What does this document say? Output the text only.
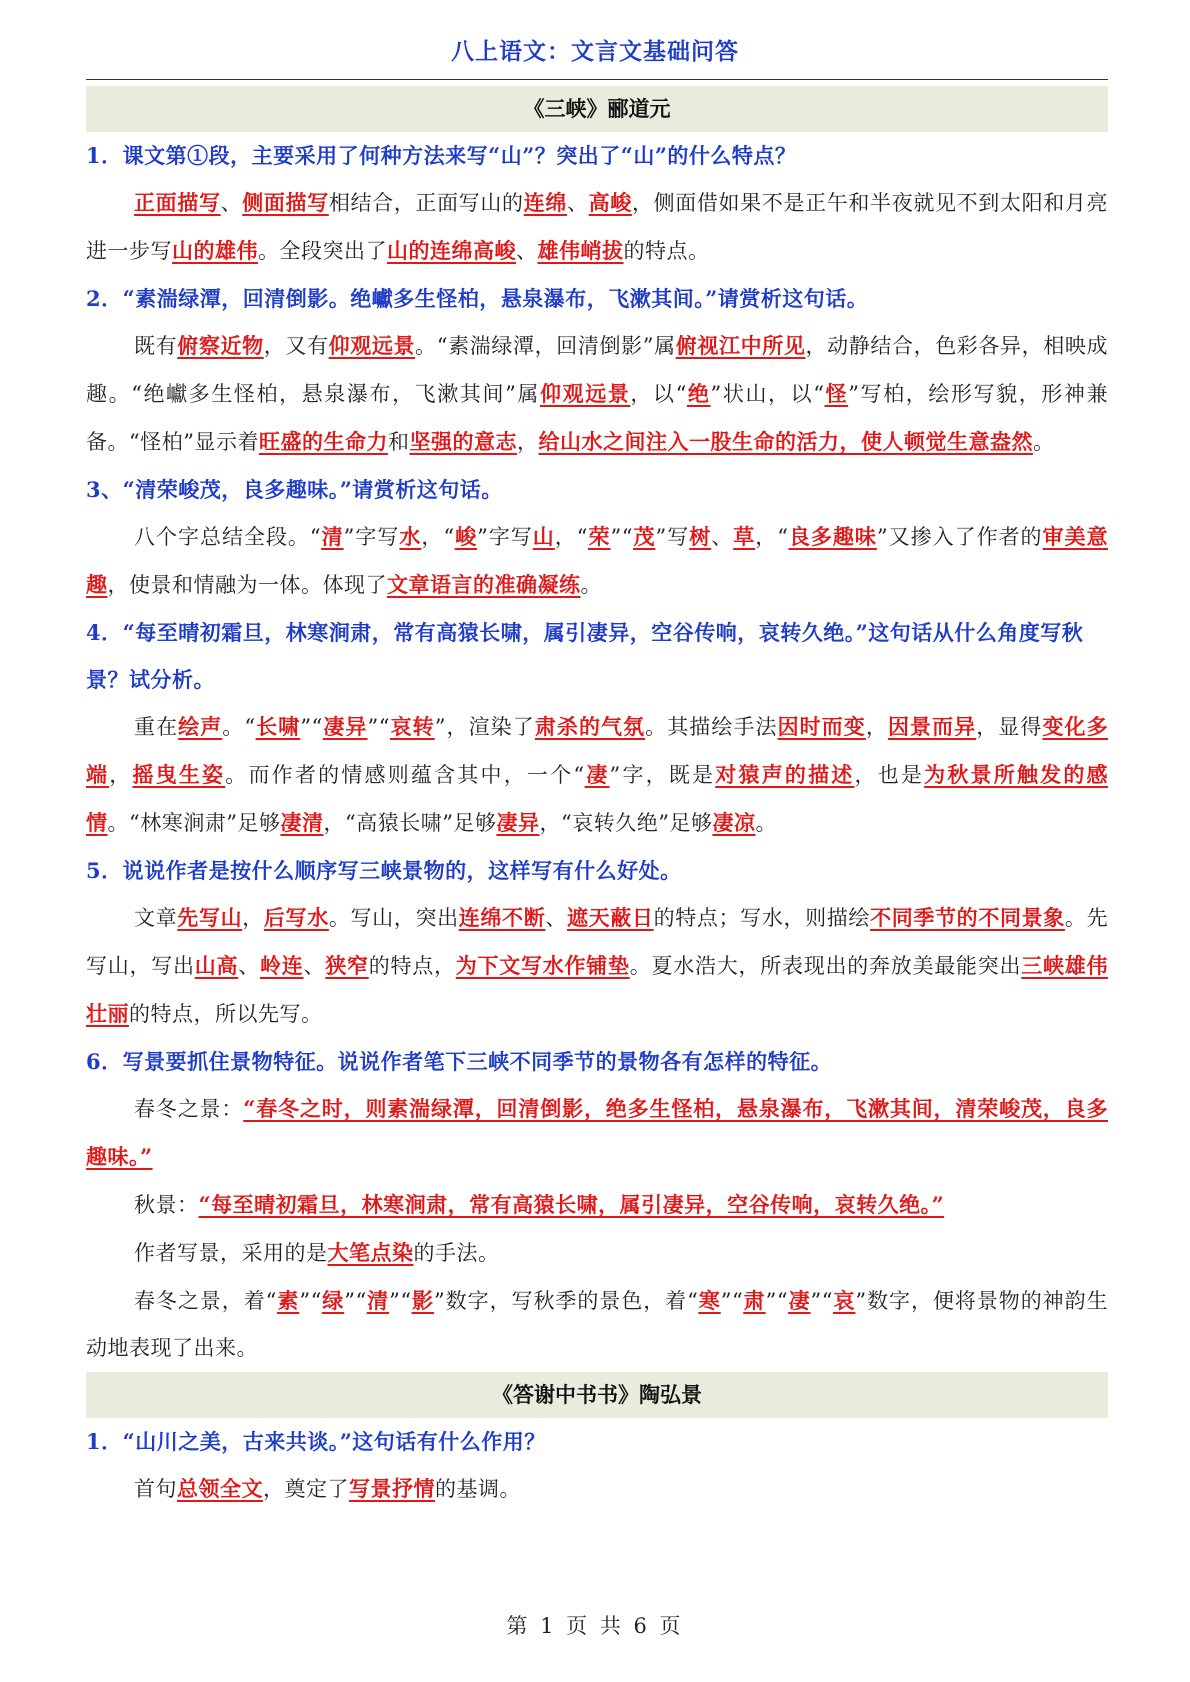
八上语文：文言文基础问答
《三峡》郦道元
1．课文第①段，主要采用了何种方法来写“山”？突出了“山”的什么特点？
正面描写、侧面描写相结合，正面写山的连绵、高峻，侧面借如果不是正午和半夜就见不到太阳和月亮进一步写山的雄伟。全段突出了山的连绵高峻、雄伟峭拔的特点。
2．“素湍绿潭，回清倒影。绝巘多生怪柏，悬泉瀑布，飞漱其间。”请赏析这句话。
既有俯察近物，又有仰观远景。“素湍绿潭，回清倒影”属俯视江中所见，动静结合，色彩各异，相映成趣。“绝巘多生怪柏，悬泉瀑布，飞漱其间”属仰观远景，以“绝”状山，以“怪”写柏，绘形写貌，形神兼备。“怪柏”显示着旺盛的生命力和坚强的意志，给山水之间注入一股生命的活力，使人顿觉生意盎然。
3、“清荣峻茂，良多趣味。”请赏析这句话。
八个字总结全段。“清”字写水，“峻”字写山，“荣”“茂”写树、草，“良多趣味”又掺入了作者的审美意趣，使景和情融为一体。体现了文章语言的准确凝练。
4．“每至晴初霜旦，林寒涧肃，常有高猿长啸，属引凄异，空谷传响，哀转久绝。”这句话从什么角度写秋景？试分析。
重在绘声。“长啸”“凄异”“哀转”，渲染了肃杀的气氛。其描绘手法因时而变，因景而异，显得变化多端，摇曳生姿。而作者的情感则蕴含其中，一个“凄”字，既是对猿声的描述，也是为秋景所触发的感情。“林寒涧肃”足够凄清，“高猿长啸”足够凄异，“哀转久绝”足够凄凉。
5．说说作者是按什么顺序写三峡景物的，这样写有什么好处。
文章先写山，后写水。写山，突出连绵不断、遮天蔽日的特点；写水，则描绘不同季节的不同景象。先写山，写出山高、岭连、狭窄的特点，为下文写水作铺垫。夏水浩大，所表现出的奔放美最能突出三峡雄伟壮丽的特点，所以先写。
6．写景要抓住景物特征。说说作者笔下三峡不同季节的景物各有怎样的特征。
春冬之景：“春冬之时，则素湍绿潭，回清倒影，绝多生怪柏，悬泉瀑布，飞漱其间，清荣峻茂，良多趣味。”
秋景：“每至晴初霜旦，林寒涧肃，常有高猿长啸，属引凄异，空谷传响，哀转久绝。”
作者写景，采用的是大笔点染的手法。
春冬之景，着“素”“绿”“清”“影”数字，写秋季的景色，着“寒”“肃”“凄”“哀”数字，便将景物的神韵生动地表现了出来。
《答谢中书书》陶弘景
1．“山川之美，古来共谈。”这句话有什么作用？
首句总领全文，奠定了写景抒情的基调。
第 1 页 共 6 页
